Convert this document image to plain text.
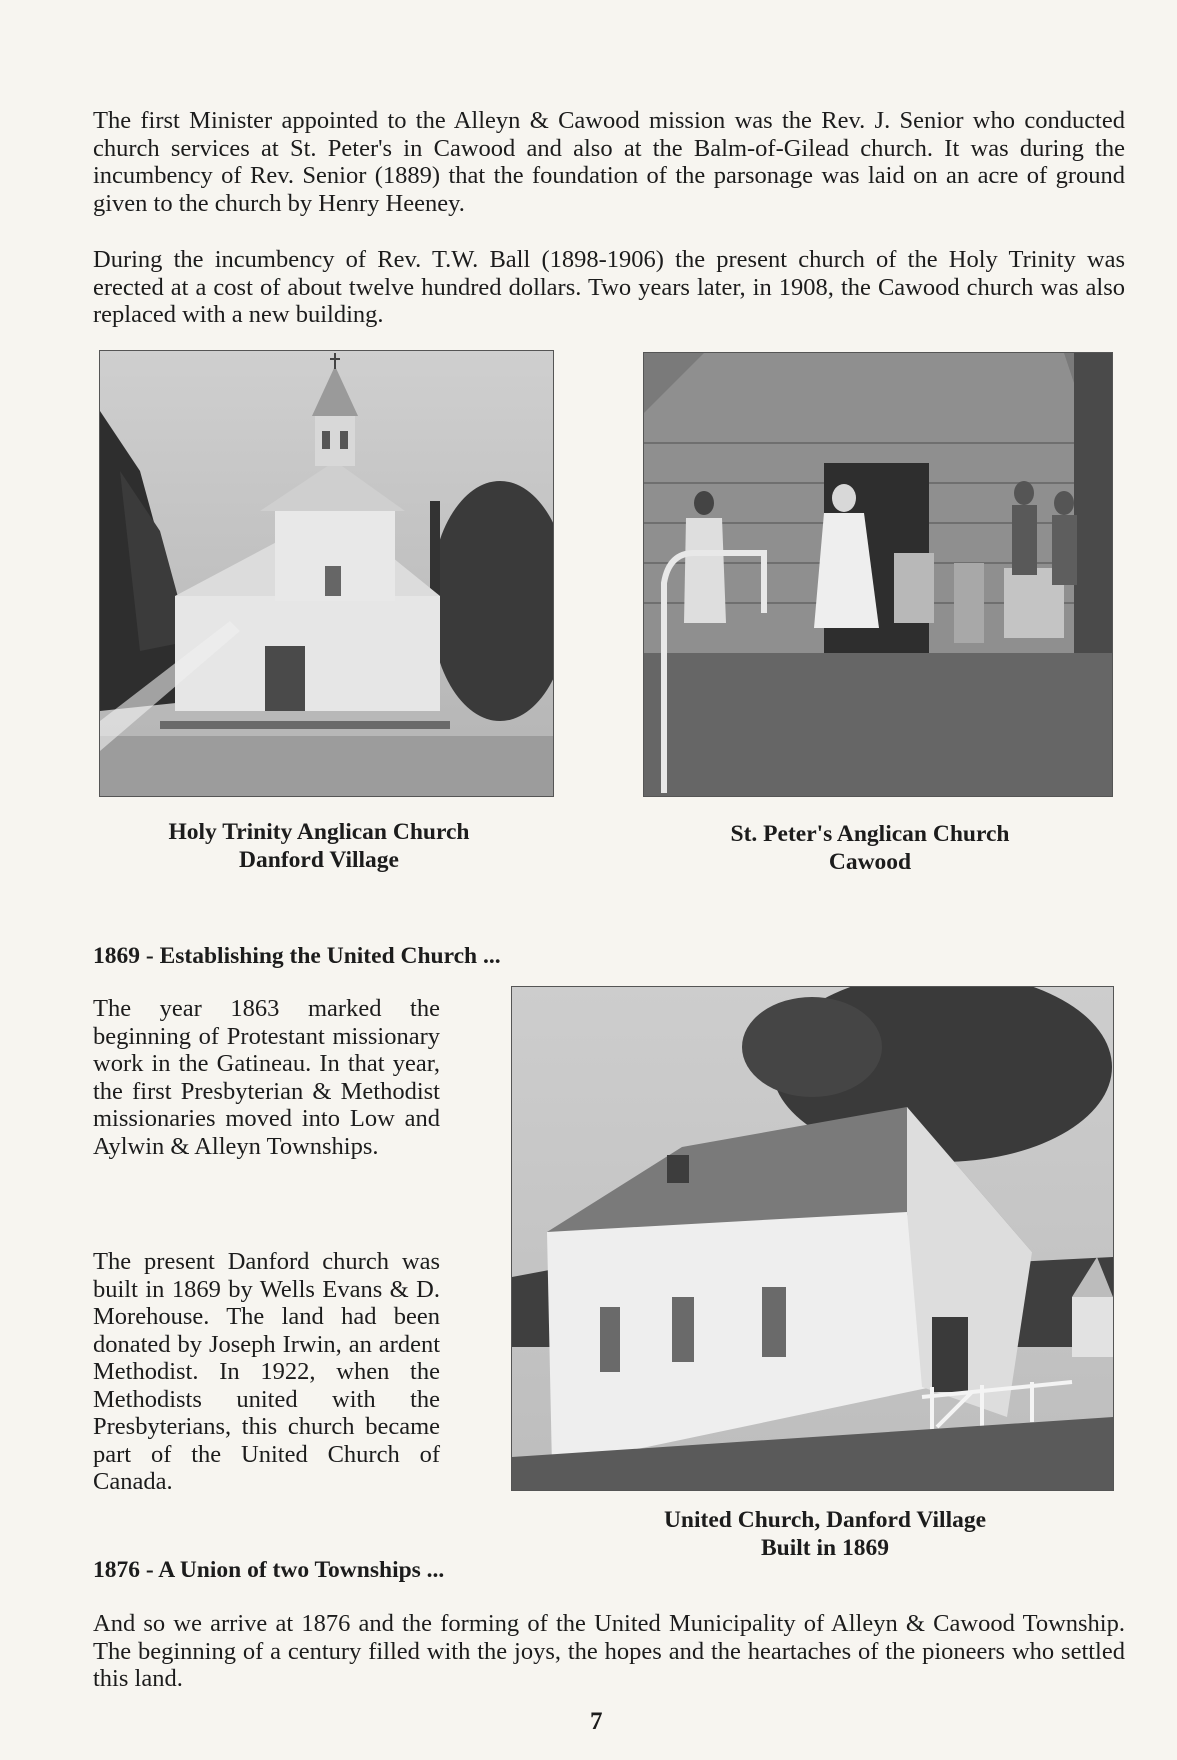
The first Minister appointed to the Alleyn & Cawood mission was the Rev. J. Senior who conducted church services at St. Peter's in Cawood and also at the Balm-of-Gilead church. It was during the incumbency of Rev. Senior (1889) that the foundation of the parsonage was laid on an acre of ground given to the church by Henry Heeney.

During the incumbency of Rev. T.W. Ball (1898-1906) the present church of the Holy Trinity was erected at a cost of about twelve hundred dollars. Two years later, in 1908, the Cawood church was also replaced with a new building.

Holy Trinity Anglican Church
Danford Village

St. Peter's Anglican Church
Cawood

1869 - Establishing the United Church ...

The year 1863 marked the beginning of Protestant missionary work in the Gatineau. In that year, the first Presbyterian & Methodist missionaries moved into Low and Aylwin & Alleyn Townships.

The present Danford church was built in 1869 by Wells Evans & D. Morehouse. The land had been donated by Joseph Irwin, an ardent Methodist. In 1922, when the Methodists united with the Presbyterians, this church became part of the United Church of Canada.

United Church, Danford Village
Built in 1869

1876 - A Union of two Townships ...

And so we arrive at 1876 and the forming of the United Municipality of Alleyn & Cawood Township. The beginning of a century filled with the joys, the hopes and the heartaches of the pioneers who settled this land.

7
